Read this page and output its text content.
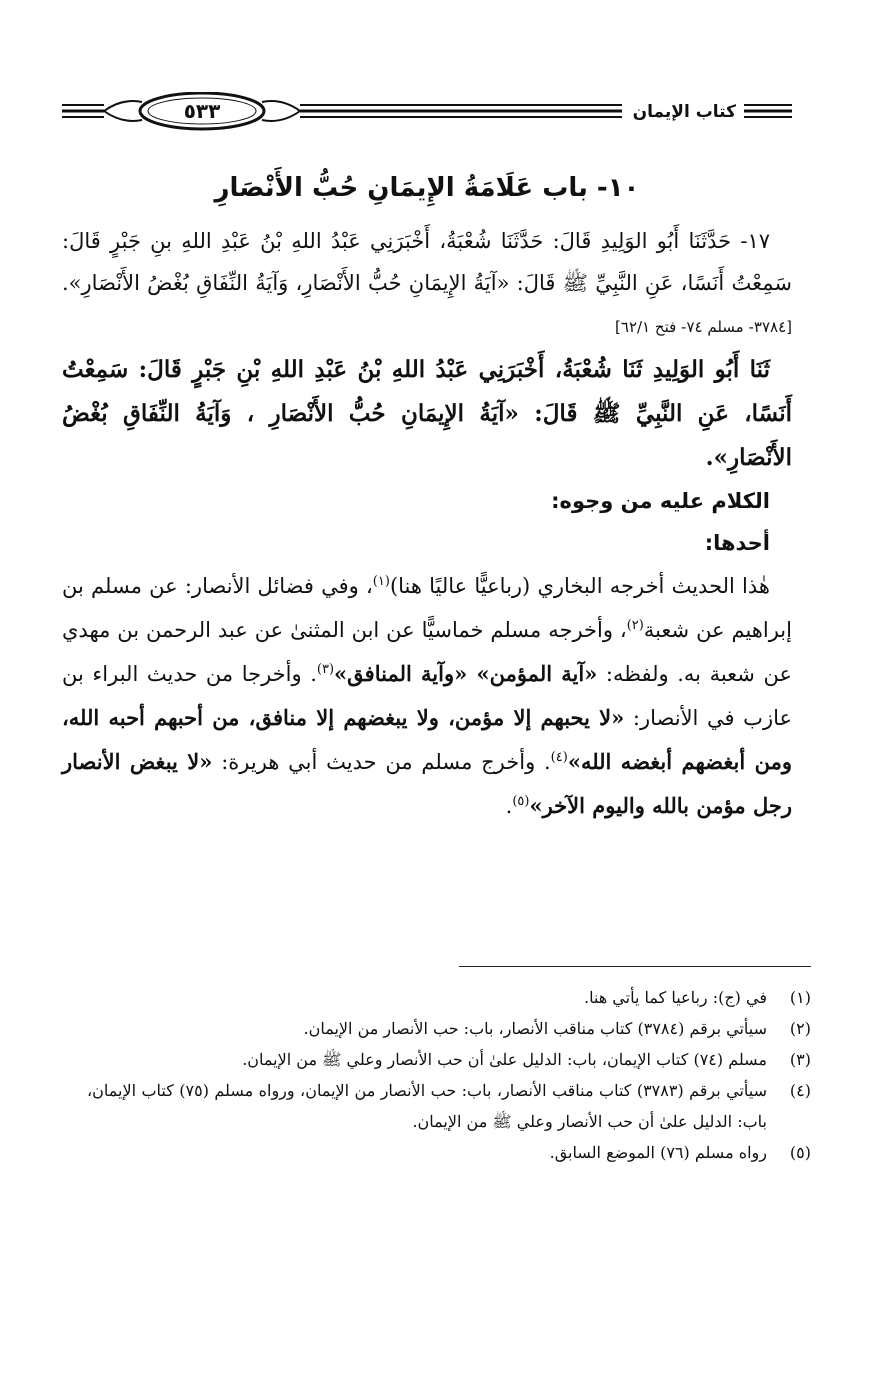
٥٣٣	كتاب الإيمان
١٠- باب عَلَامَةُ الإِيمَانِ حُبُّ الأَنْصَارِ

١٧- حَدَّثَنَا أَبُو الوَلِيدِ قَالَ: حَدَّثَنَا شُعْبَةُ، أَخْبَرَنِي عَبْدُ اللهِ بْنُ عَبْدِ اللهِ بنِ جَبْرٍ قَالَ: سَمِعْتُ أَنَسًا، عَنِ النَّبِيِّ ﷺ قَالَ: «آيَةُ الإِيمَانِ حُبُّ الأَنْصَارِ، وَآيَةُ النِّفَاقِ بُغْضُ الأَنْصَارِ». [٣٧٨٤- مسلم ٧٤- فتح ٦٢/١]

ثَنَا أَبُو الوَلِيدِ ثَنَا شُعْبَةُ، أَخْبَرَنِي عَبْدُ اللهِ بْنُ عَبْدِ اللهِ بْنِ جَبْرٍ قَالَ: سَمِعْتُ أَنَسًا، عَنِ النَّبِيِّ ﷺ قَالَ: «آيَةُ الإِيمَانِ حُبُّ الأَنْصَارِ ، وَآيَةُ النِّفَاقِ بُغْضُ الأَنْصَارِ».

الكلام عليه من وجوه:

أحدها:

هٰذا الحديث أخرجه البخاري (رباعيًّا عاليًا هنا)$^{(١)}$، وفي فضائل الأنصار: عن مسلم بن إبراهيم عن شعبة$^{(٢)}$، وأخرجه مسلم خماسيًّا عن ابن المثنىٰ عن عبد الرحمن بن مهدي عن شعبة به. ولفظه: «آية المؤمن» «وآية المنافق»$^{(٣)}$. وأخرجا من حديث البراء بن عازب في الأنصار: «لا يحبهم إلا مؤمن، ولا يبغضهم إلا منافق، من أحبهم أحبه الله، ومن أبغضهم أبغضه الله»$^{(٤)}$. وأخرج مسلم من حديث أبي هريرة: «لا يبغض الأنصار رجل مؤمن بالله واليوم الآخر»$^{(٥)}$.

(١)
في (ج): رباعيا كما يأتي هنا.
(٢)
سيأتي برقم (٣٧٨٤) كتاب مناقب الأنصار، باب: حب الأنصار من الإيمان.
(٣)
مسلم (٧٤) كتاب الإيمان، باب: الدليل علىٰ أن حب الأنصار وعلي ﷺ من الإيمان.
(٤)
سيأتي برقم (٣٧٨٣) كتاب مناقب الأنصار، باب: حب الأنصار من الإيمان، ورواه مسلم (٧٥) كتاب الإيمان، باب: الدليل علىٰ أن حب الأنصار وعلي ﷺ من الإيمان.
(٥)
رواه مسلم (٧٦) الموضع السابق.
